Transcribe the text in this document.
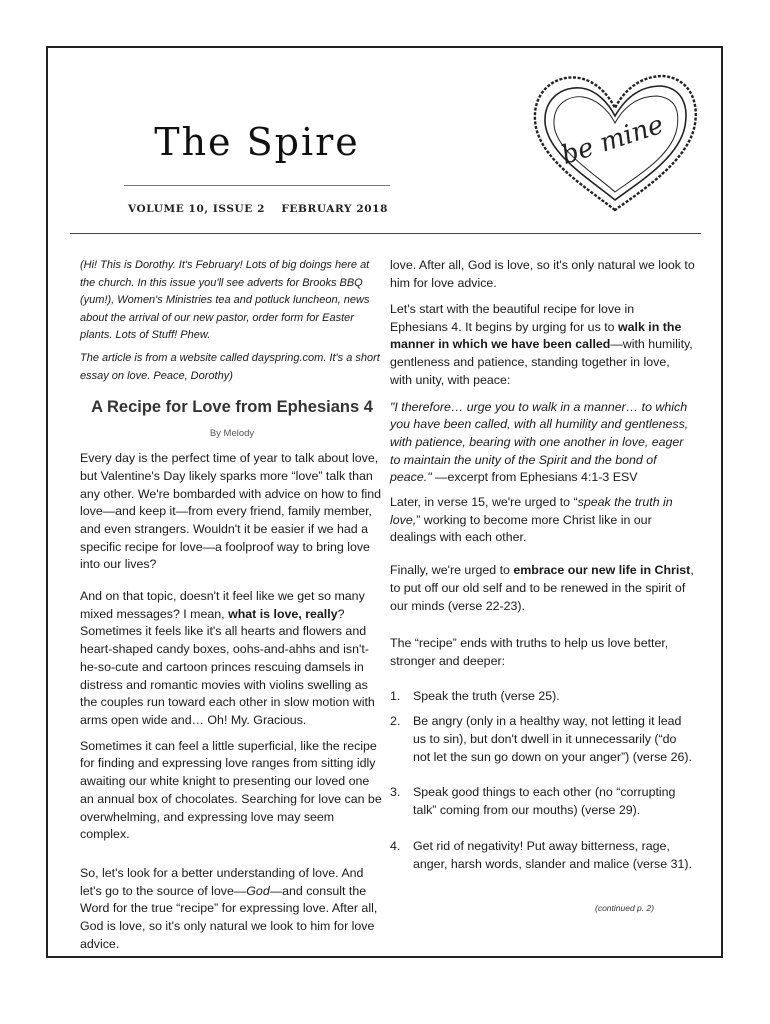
The Spire
VOLUME 10, ISSUE 2 FEBRUARY 2018
be mine

(Hi! This is Dorothy. It's February! Lots of big doings here at the church. In this issue you'll see adverts for Brooks BBQ (yum!), Women's Ministries tea and potluck luncheon, news about the arrival of our new pastor, order form for Easter plants. Lots of Stuff! Phew.

The article is from a website called dayspring.com. It's a short essay on love. Peace, Dorothy)

A Recipe for Love from Ephesians 4

By Melody

Every day is the perfect time of year to talk about love, but Valentine's Day likely sparks more “love” talk than any other. We're bombarded with advice on how to find love—and keep it—from every friend, family member, and even strangers. Wouldn't it be easier if we had a specific recipe for love—a foolproof way to bring love into our lives?

And on that topic, doesn't it feel like we get so many mixed messages? I mean, what is love, really? Sometimes it feels like it's all hearts and flowers and heart-shaped candy boxes, oohs-and-ahhs and isn't-he-so-cute and cartoon princes rescuing damsels in distress and romantic movies with violins swelling as the couples run toward each other in slow motion with arms open wide and… Oh! My. Gracious.

Sometimes it can feel a little superficial, like the recipe for finding and expressing love ranges from sitting idly awaiting our white knight to presenting our loved one an annual box of chocolates. Searching for love can be overwhelming, and expressing love may seem complex.

So, let's look for a better understanding of love. And let's go to the source of love—God—and consult the Word for the true “recipe” for expressing love. After all, God is love, so it's only natural we look to him for love advice.

love. After all, God is love, so it's only natural we look to him for love advice.

Let's start with the beautiful recipe for love in Ephesians 4. It begins by urging for us to walk in the manner in which we have been called—with humility, gentleness and patience, standing together in love, with unity, with peace:

"I therefore… urge you to walk in a manner… to which you have been called, with all humility and gentleness, with patience, bearing with one another in love, eager to maintain the unity of the Spirit and the bond of peace." —excerpt from Ephesians 4:1-3 ESV

Later, in verse 15, we're urged to “speak the truth in love,” working to become more Christ like in our dealings with each other.

Finally, we're urged to embrace our new life in Christ, to put off our old self and to be renewed in the spirit of our minds (verse 22-23).

The “recipe” ends with truths to help us love better, stronger and deeper:

1. Speak the truth (verse 25).
2. Be angry (only in a healthy way, not letting it lead us to sin), but don't dwell in it unnecessarily (“do not let the sun go down on your anger”) (verse 26).
3. Speak good things to each other (no “corrupting talk” coming from our mouths) (verse 29).
4. Get rid of negativity! Put away bitterness, rage, anger, harsh words, slander and malice (verse 31).
(continued p. 2)
